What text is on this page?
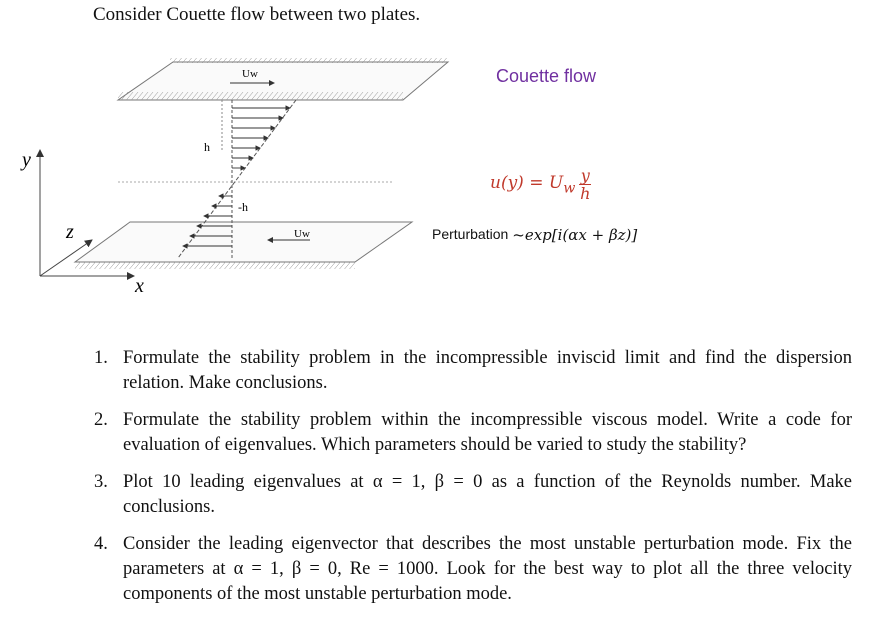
Consider Couette flow between two plates.
Uw
Uw
h
-h
y
z
x
Couette flow
$u(y) = U_w \frac{y}{h}$
Perturbation ~exp[i(αx + βz)]
1. Formulate the stability problem in the incompressible inviscid limit and find the dispersion relation. Make conclusions.
2. Formulate the stability problem within the incompressible viscous model. Write a code for evaluation of eigenvalues. Which parameters should be varied to study the stability?
3. Plot 10 leading eigenvalues at α = 1, β = 0 as a function of the Reynolds number. Make conclusions.
4. Consider the leading eigenvector that describes the most unstable perturbation mode. Fix the parameters at α = 1, β = 0, Re = 1000. Look for the best way to plot all the three velocity components of the most unstable perturbation mode.
